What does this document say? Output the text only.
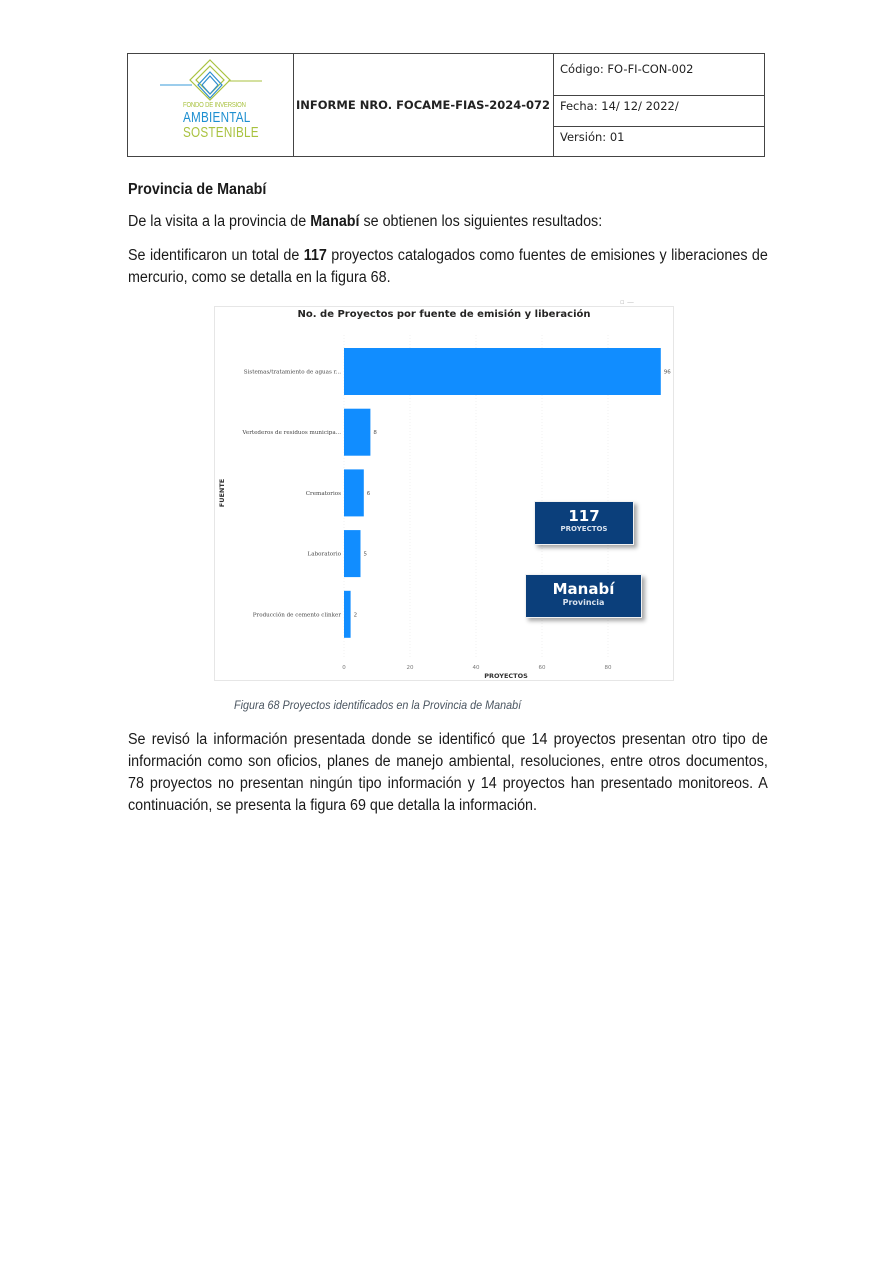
FONDO DE INVERSION
AMBIENTAL
SOSTENIBLE
INFORME NRO. FOCAME-FIAS-2024-072
Código: FO-FI-CON-002
Fecha: 14/ 12/ 2022/
Versión: 01
Provincia de Manabí
De la visita a la provincia de Manabí se obtienen los siguientes resultados:
Se identificaron un total de 117 proyectos catalogados como fuentes de emisiones y liberaciones de mercurio, como se detalla en la figura 68.
▫ —
No. de Proyectos por fuente de emisión y liberación
0	20	40	60	80
Sistemas/tratamiento de aguas r...	96
Vertederos de residuos municipa...	8
Crematorios	6
Laboratorio	5
Producción de cemento clinker 2
FUENTE
PROYECTOS
117
PROYECTOS
Manabí
Provincia
Figura 68 Proyectos identificados en la Provincia de Manabí
Se revisó la información presentada donde se identificó que 14 proyectos presentan otro tipo de información como son oficios, planes de manejo ambiental, resoluciones, entre otros documentos, 78 proyectos no presentan ningún tipo información y 14 proyectos han presentado monitoreos. A continuación, se presenta la figura 69 que detalla la información.
